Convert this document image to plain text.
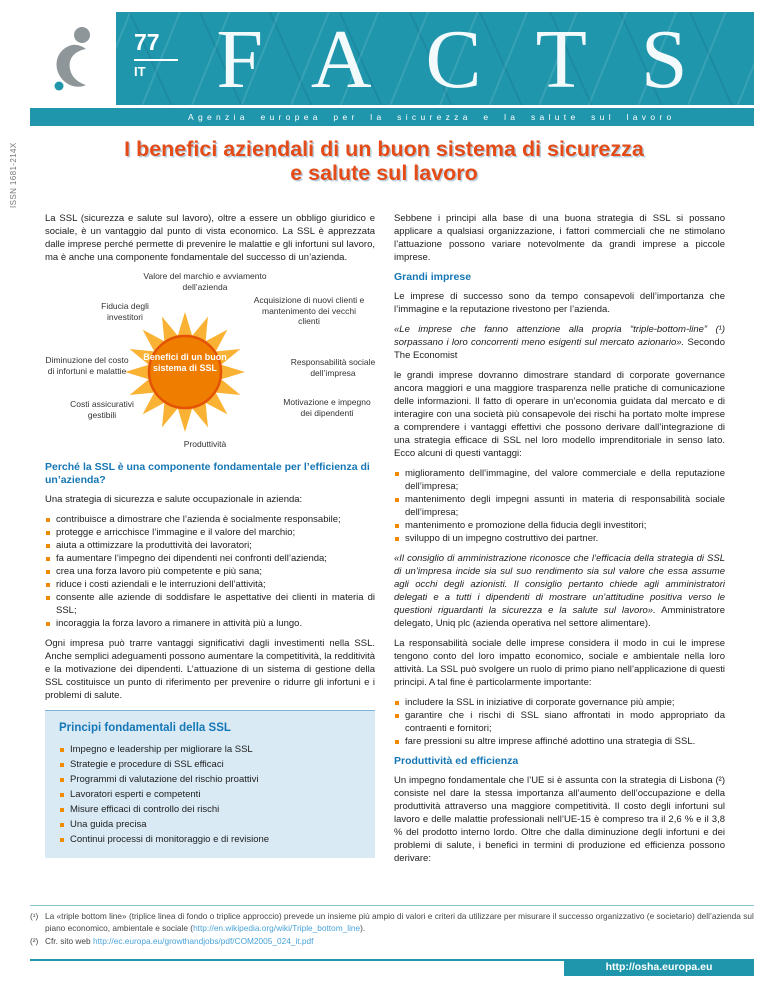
ISSN 1681-214X
77
IT FACTS
Agenzia europea per la sicurezza e la salute sul lavoro
I benefici aziendali di un buon sistema di sicurezza
e salute sul lavoro

La SSL (sicurezza e salute sul lavoro), oltre a essere un obbligo giuridico e sociale, è un vantaggio dal punto di vista economico. La SSL è apprezzata dalle imprese perché permette di prevenire le malattie e gli infortuni sul lavoro, ma è anche una componente fondamentale del successo di un’azienda.

Benefici di un buon sistema di SSL
Valore del marchio e avviamento dell’azienda
Acquisizione di nuovi clienti e mantenimento dei vecchi clienti
Responsabilità sociale dell’impresa
Motivazione e impegno dei dipendenti
Produttività
Costi assicurativi gestibili
Diminuzione del costo di infortuni e malattie
Fiducia degli investitori
Perché la SSL è una componente fondamentale per l’efficienza di un’azienda?

Una strategia di sicurezza e salute occupazionale in azienda:

contribuisce a dimostrare che l’azienda è socialmente responsabile;
protegge e arricchisce l’immagine e il valore del marchio;
aiuta a ottimizzare la produttività dei lavoratori;
fa aumentare l’impegno dei dipendenti nei confronti dell’azienda;
crea una forza lavoro più competente e più sana;
riduce i costi aziendali e le interruzioni dell’attività;
consente alle aziende di soddisfare le aspettative dei clienti in materia di SSL;
incoraggia la forza lavoro a rimanere in attività più a lungo.

Ogni impresa può trarre vantaggi significativi dagli investimenti nella SSL. Anche semplici adeguamenti possono aumentare la competitività, la redditività e la motivazione dei dipendenti. L’attuazione di un sistema di gestione della SSL costituisce un punto di riferimento per prevenire o ridurre gli infortuni e i problemi di salute.

Principi fondamentali della SSL
Impegno e leadership per migliorare la SSL
Strategie e procedure di SSL efficaci
Programmi di valutazione del rischio proattivi
Lavoratori esperti e competenti
Misure efficaci di controllo dei rischi
Una guida precisa
Continui processi di monitoraggio e di revisione

Sebbene i principi alla base di una buona strategia di SSL si possano applicare a qualsiasi organizzazione, i fattori commerciali che ne stimolano l’attuazione possono variare notevolmente da grandi imprese a piccole imprese.

Grandi imprese

Le imprese di successo sono da tempo consapevoli dell’importanza che l’immagine e la reputazione rivestono per l’azienda.

«Le imprese che fanno attenzione alla propria “triple-bottom-line” (¹) sorpassano i loro concorrenti meno esigenti sul mercato azionario». Secondo The Economist

le grandi imprese dovranno dimostrare standard di corporate governance ancora maggiori e una maggiore trasparenza nelle pratiche di comunicazione delle informazioni. Il fatto di operare in un’economia guidata dal mercato e di interagire con una società più consapevole dei rischi ha portato molte imprese a comprendere i vantaggi effettivi che possono derivare dall’integrazione di una strategia efficace di SSL nel loro modello imprenditoriale in senso lato. Ecco alcuni di questi vantaggi:

miglioramento dell’immagine, del valore commerciale e della reputazione dell’impresa;
mantenimento degli impegni assunti in materia di responsabilità sociale dell’impresa;
mantenimento e promozione della fiducia degli investitori;
sviluppo di un impegno costruttivo dei partner.

«Il consiglio di amministrazione riconosce che l’efficacia della strategia di SSL di un’impresa incide sia sul suo rendimento sia sul valore che essa assume agli occhi degli azionisti. Il consiglio pertanto chiede agli amministratori delegati e a tutti i dipendenti di mostrare un’attitudine positiva verso le questioni riguardanti la sicurezza e la salute sul lavoro». Amministratore delegato, Uniq plc (azienda operativa nel settore alimentare).

La responsabilità sociale delle imprese considera il modo in cui le imprese tengono conto del loro impatto economico, sociale e ambientale nella loro attività. La SSL può svolgere un ruolo di primo piano nell’applicazione di questi principi. A tal fine è particolarmente importante:

includere la SSL in iniziative di corporate governance più ampie;
garantire che i rischi di SSL siano affrontati in modo appropriato da contraenti e fornitori;
fare pressioni su altre imprese affinché adottino una strategia di SSL.
Produttività ed efficienza

Un impegno fondamentale che l’UE si è assunta con la strategia di Lisbona (²) consiste nel dare la stessa importanza all’aumento dell’occupazione e della produttività attraverso una maggiore competitività. Il costo degli infortuni sul lavoro e delle malattie professionali nell’UE-15 è compreso tra il 2,6 % e il 3,8 % del prodotto interno lordo. Oltre che dalla diminuzione degli infortuni e dei problemi di salute, i benefici in termini di produzione ed efficienza possono derivare:

(¹) La «triple bottom line» (triplice linea di fondo o triplice approccio) prevede un insieme più ampio di valori e criteri da utilizzare per misurare il successo organizzativo (e societario) dell’azienda sul piano economico, ambientale e sociale (http://en.wikipedia.org/wiki/Triple_bottom_line).
(²) Cfr. sito web http://ec.europa.eu/growthandjobs/pdf/COM2005_024_it.pdf
http://osha.europa.eu
